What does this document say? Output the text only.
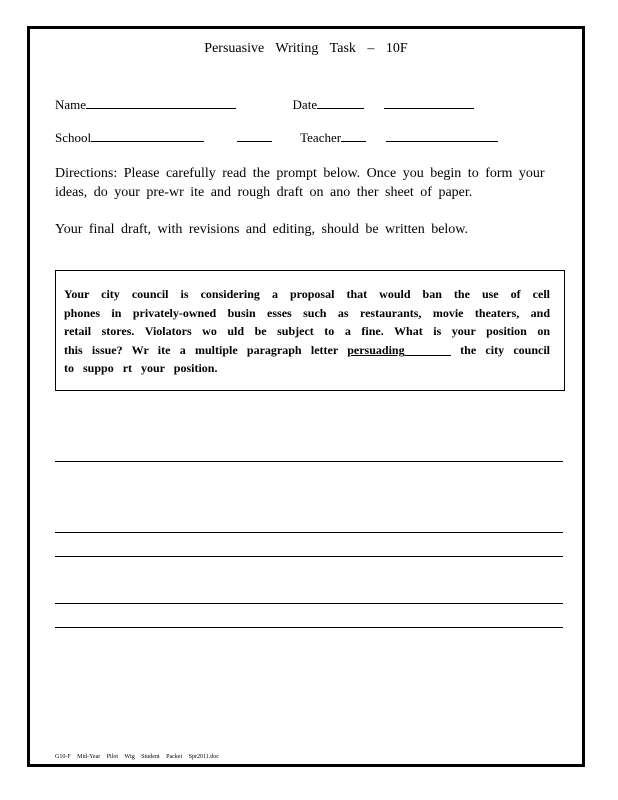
Persuasive Writing Task – 10F
Name	Date
School	Teacher
Directions: Please carefully read the prompt below. Once you begin to form your ideas, do your pre-wr ite and rough draft on ano ther sheet of paper.
Your final draft, with revisions and editing, should be written below.
Your city council is considering a proposal that would ban the use of cell phones in privately-owned busin esses such as restaurants, movie theaters, and retail stores. Violators wo uld be subject to a fine. What is your position on this issue? Wr ite a multiple paragraph letter persuading	the city council to suppo rt your position.
G10-F Mid-Year Pilot Wtg Student Packet Spr2011.doc
